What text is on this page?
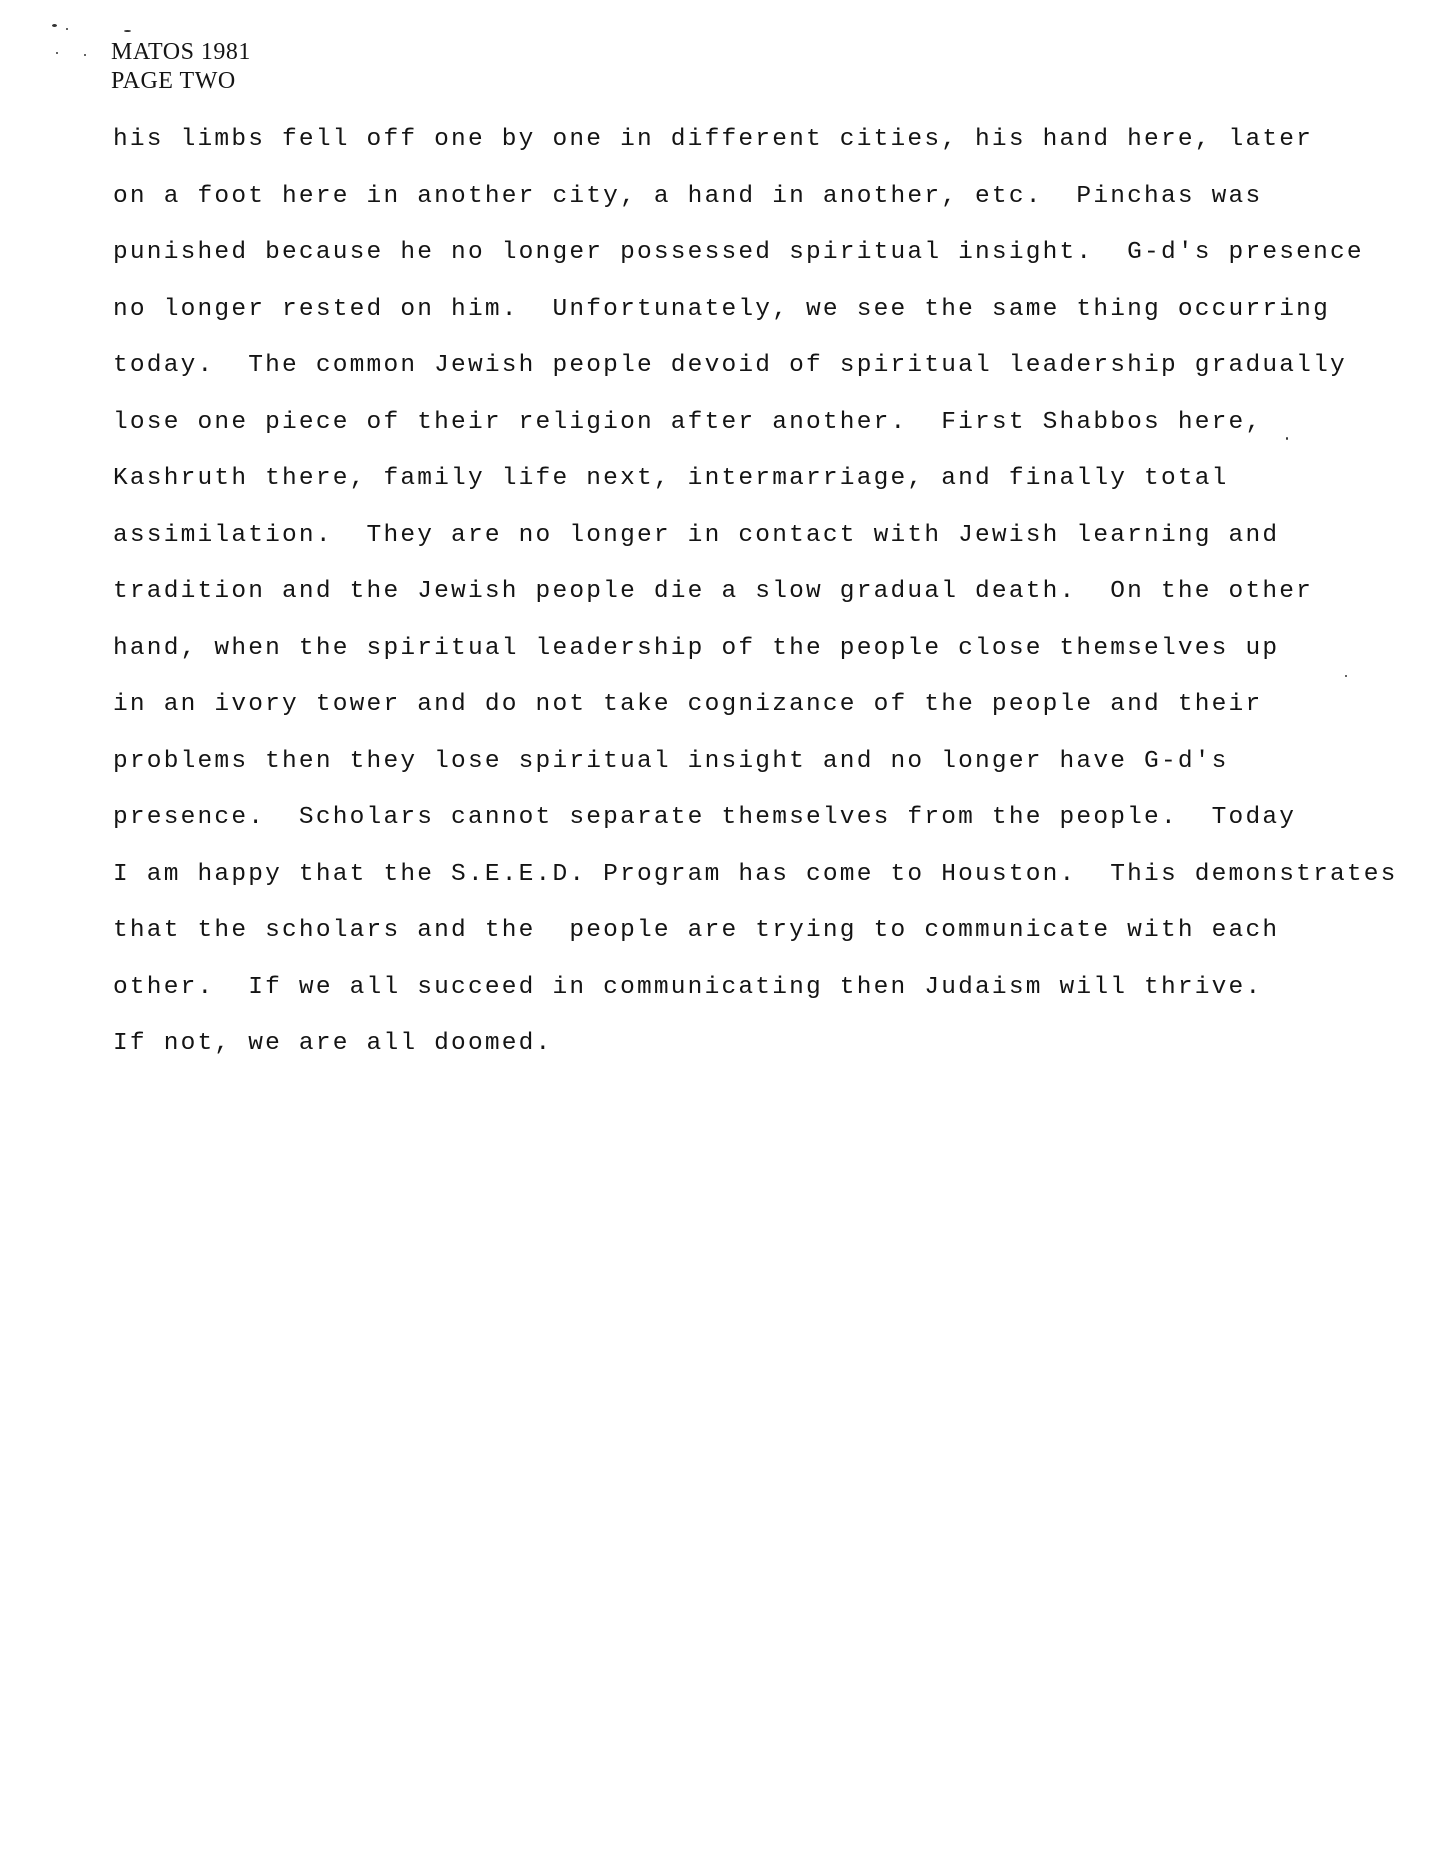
MATOS 1981
PAGE TWO
his limbs fell off one by one in different cities, his hand here, later
on a foot here in another city, a hand in another, etc.  Pinchas was
punished because he no longer possessed spiritual insight.  G-d's presence
no longer rested on him.  Unfortunately, we see the same thing occurring
today.  The common Jewish people devoid of spiritual leadership gradually
lose one piece of their religion after another.  First Shabbos here,
Kashruth there, family life next, intermarriage, and finally total
assimilation.  They are no longer in contact with Jewish learning and
tradition and the Jewish people die a slow gradual death.  On the other
hand, when the spiritual leadership of the people close themselves up
in an ivory tower and do not take cognizance of the people and their
problems then they lose spiritual insight and no longer have G-d's
presence.  Scholars cannot separate themselves from the people.  Today
I am happy that the S.E.E.D. Program has come to Houston.  This demonstrates
that the scholars and the  people are trying to communicate with each
other.  If we all succeed in communicating then Judaism will thrive.
If not, we are all doomed.
